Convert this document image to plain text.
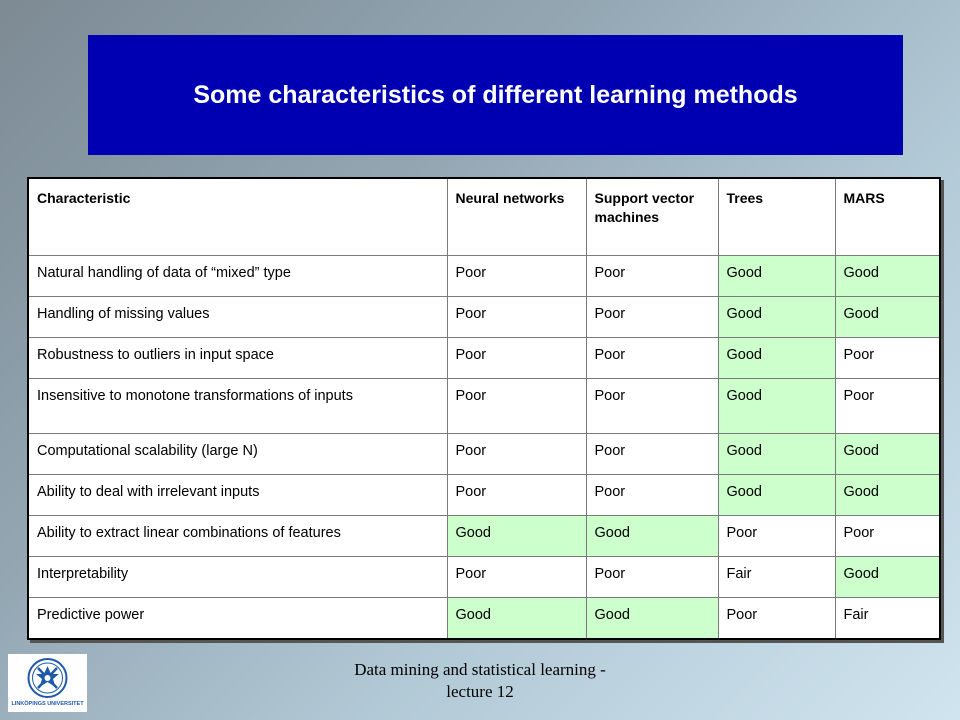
Some characteristics of different learning methods
Characteristic	Neural networks	Support vector machines	Trees	MARS
Natural handling of data of “mixed” type	Poor	Poor	Good	Good
Handling of missing values	Poor	Poor	Good	Good
Robustness to outliers in input space	Poor	Poor	Good	Poor
Insensitive to monotone transformations of inputs	Poor	Poor	Good	Poor
Computational scalability (large N)	Poor	Poor	Good	Good
Ability to deal with irrelevant inputs	Poor	Poor	Good	Good
Ability to extract linear combinations of features	Good	Good	Poor	Poor
Interpretability	Poor	Poor	Fair	Good
Predictive power	Good	Good	Poor	Fair
LINKÖPINGS UNIVERSITET
Data mining and statistical learning -
lecture 12
